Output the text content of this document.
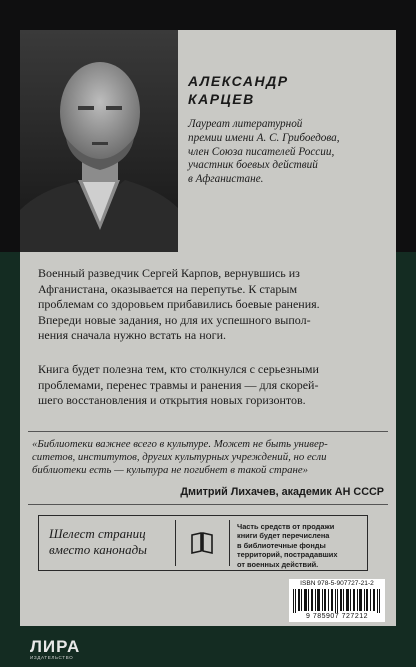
АЛЕКСАНДР
КАРЦЕВ
Лауреат литературной
премии имени А. С. Грибоедова,
член Союза писателей России,
участник боевых действий
в Афганистане.
Военный разведчик Сергей Карпов, вернувшись из
Афганистана, оказывается на перепутье. К старым
проблемам со здоровьем прибавились боевые ранения.
Впереди новые задания, но для их успешного выпол-
нения сначала нужно встать на ноги.
Книга будет полезна тем, кто столкнулся с серьезными
проблемами, перенес травмы и ранения — для скорей-
шего восстановления и открытия новых горизонтов.
«Библиотеки важнее всего в культуре. Может не быть универ-
ситетов, институтов, других культурных учреждений, но если
библиотеки есть — культура не погибнет в такой стране»
Дмитрий Лихачев, академик АН СССР
Шелест страниц
вместо канонады
Часть средств от продажи
книги будет перечислена
в библиотечные фонды
территорий, пострадавших
от военных действий.
ISBN 978-5-907727-21-2
9 785907 727212
ЛИРА
ИЗДАТЕЛЬСТВО
